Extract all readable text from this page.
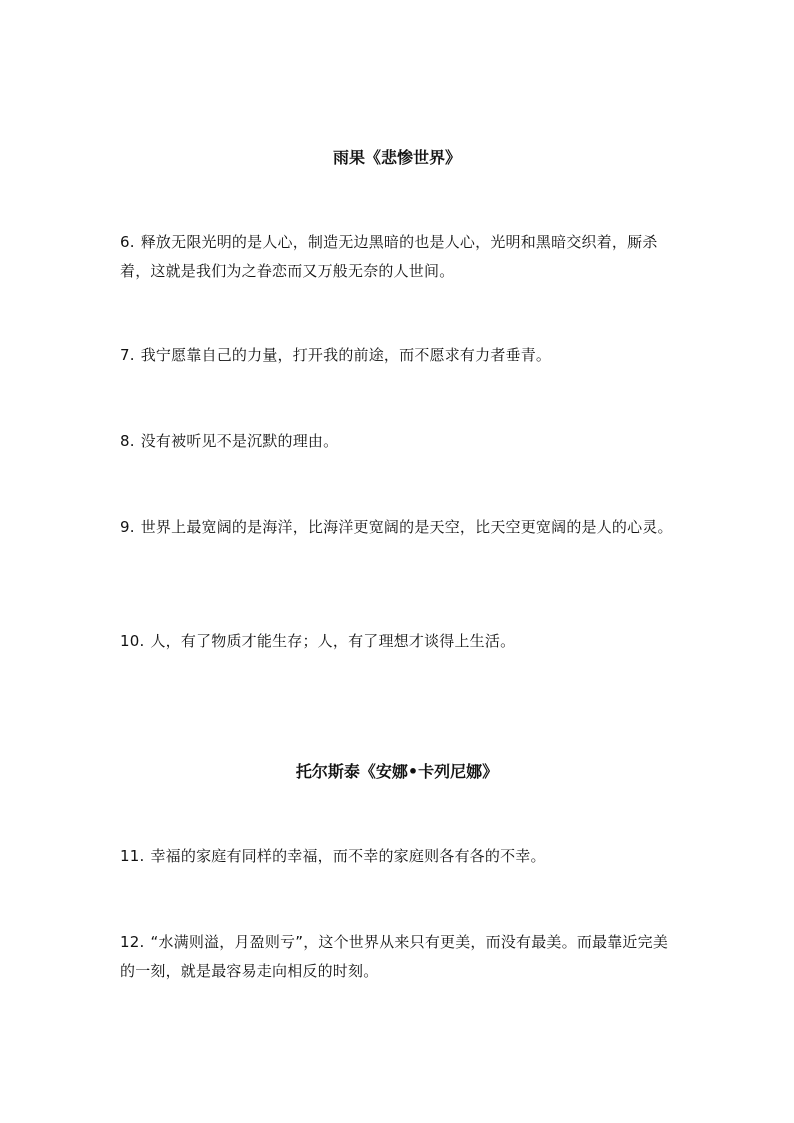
雨果《悲惨世界》
6. 释放无限光明的是人心，制造无边黑暗的也是人心，光明和黑暗交织着，厮杀着，这就是我们为之眷恋而又万般无奈的人世间。
7. 我宁愿靠自己的力量，打开我的前途，而不愿求有力者垂青。
8. 没有被听见不是沉默的理由。
9. 世界上最宽阔的是海洋，比海洋更宽阔的是天空，比天空更宽阔的是人的心灵。
10. 人，有了物质才能生存；人，有了理想才谈得上生活。
托尔斯泰《安娜•卡列尼娜》
11. 幸福的家庭有同样的幸福，而不幸的家庭则各有各的不幸。
12. “水满则溢，月盈则亏”，这个世界从来只有更美，而没有最美。而最靠近完美的一刻，就是最容易走向相反的时刻。
